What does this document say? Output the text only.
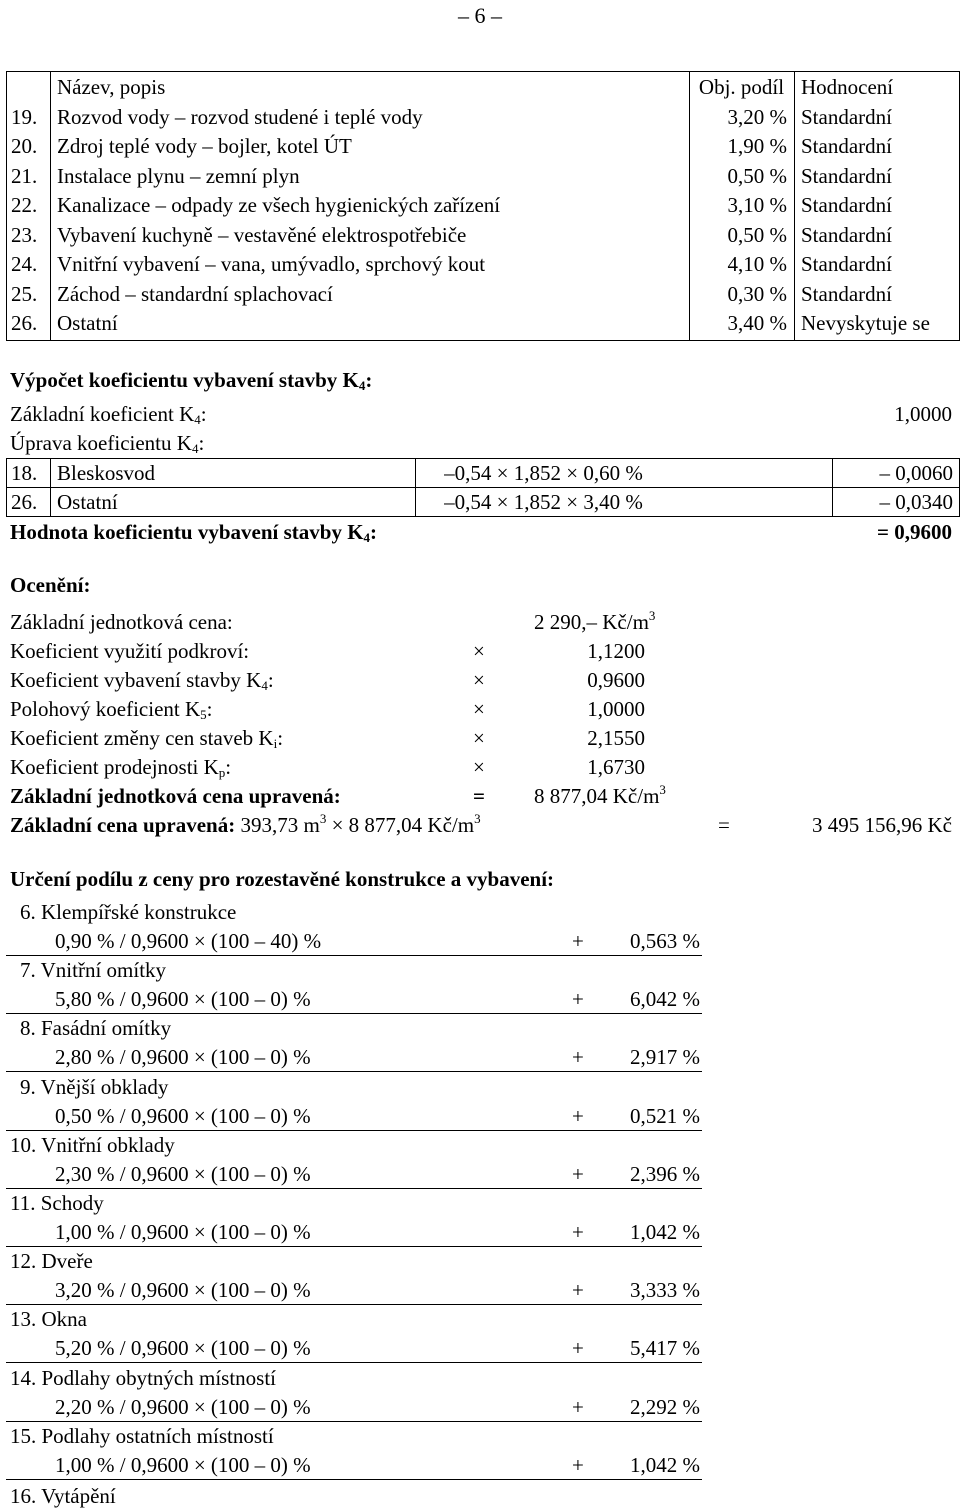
– 6 –
Název, popis	Obj. podíl Hodnocení
19. Rozvod vody – rozvod studené i teplé vody	3,20 % Standardní
20. Zdroj teplé vody – bojler, kotel ÚT	1,90 % Standardní
21. Instalace plynu – zemní plyn	0,50 % Standardní
22. Kanalizace – odpady ze všech hygienických zařízení	3,10 % Standardní
23. Vybavení kuchyně – vestavěné elektrospotřebiče	0,50 % Standardní
24. Vnitřní vybavení – vana, umývadlo, sprchový kout	4,10 % Standardní
25. Záchod – standardní splachovací	0,30 % Standardní
26. Ostatní	3,40 % Nevyskytuje se
Výpočet koeficientu vybavení stavby $K_4$:
Základní koeficient $K_4$:	1,0000
Úprava koeficientu $K_4$:
18. Bleskosvod	–0,54 × 1,852 × 0,60 %	– 0,0060
26. Ostatní	–0,54 × 1,852 × 3,40 %	– 0,0340
Hodnota koeficientu vybavení stavby $K_4$:	= 0,9600
Ocenění:
Základní jednotková cena:	2 290,– $Kč/m^3$
Koeficient využití podkroví:	×	1,1200
Koeficient vybavení stavby $K_4$:	×	0,9600
Polohový koeficient $K_5$:	×	1,0000
Koeficient změny cen staveb $K_i$:	×	2,1550
Koeficient prodejnosti $K_p$:	×	1,6730
Základní jednotková cena upravená:	= 8 877,04 $Kč/m^3$
Základní cena upravená: 393,73 $m^3 \times 8$ 877,04 $Kč/m^3$	=	3 495 156,96 Kč
Určení podílu z ceny pro rozestavěné konstrukce a vybavení:
6. Klempířské konstrukce
0,90 % / 0,9600 × (100 – 40) %	+ 0,563 %
7. Vnitřní omítky
5,80 % / 0,9600 × (100 – 0) %	+ 6,042 %
8. Fasádní omítky
2,80 % / 0,9600 × (100 – 0) %	+ 2,917 %
9. Vnější obklady
0,50 % / 0,9600 × (100 – 0) %	+ 0,521 %
10. Vnitřní obklady
2,30 % / 0,9600 × (100 – 0) %	+ 2,396 %
11. Schody
1,00 % / 0,9600 × (100 – 0) %	+ 1,042 %
12. Dveře
3,20 % / 0,9600 × (100 – 0) %	+ 3,333 %
13. Okna
5,20 % / 0,9600 × (100 – 0) %	+ 5,417 %
14. Podlahy obytných místností
2,20 % / 0,9600 × (100 – 0) %	+ 2,292 %
15. Podlahy ostatních místností
1,00 % / 0,9600 × (100 – 0) %	+ 1,042 %
16. Vytápění
